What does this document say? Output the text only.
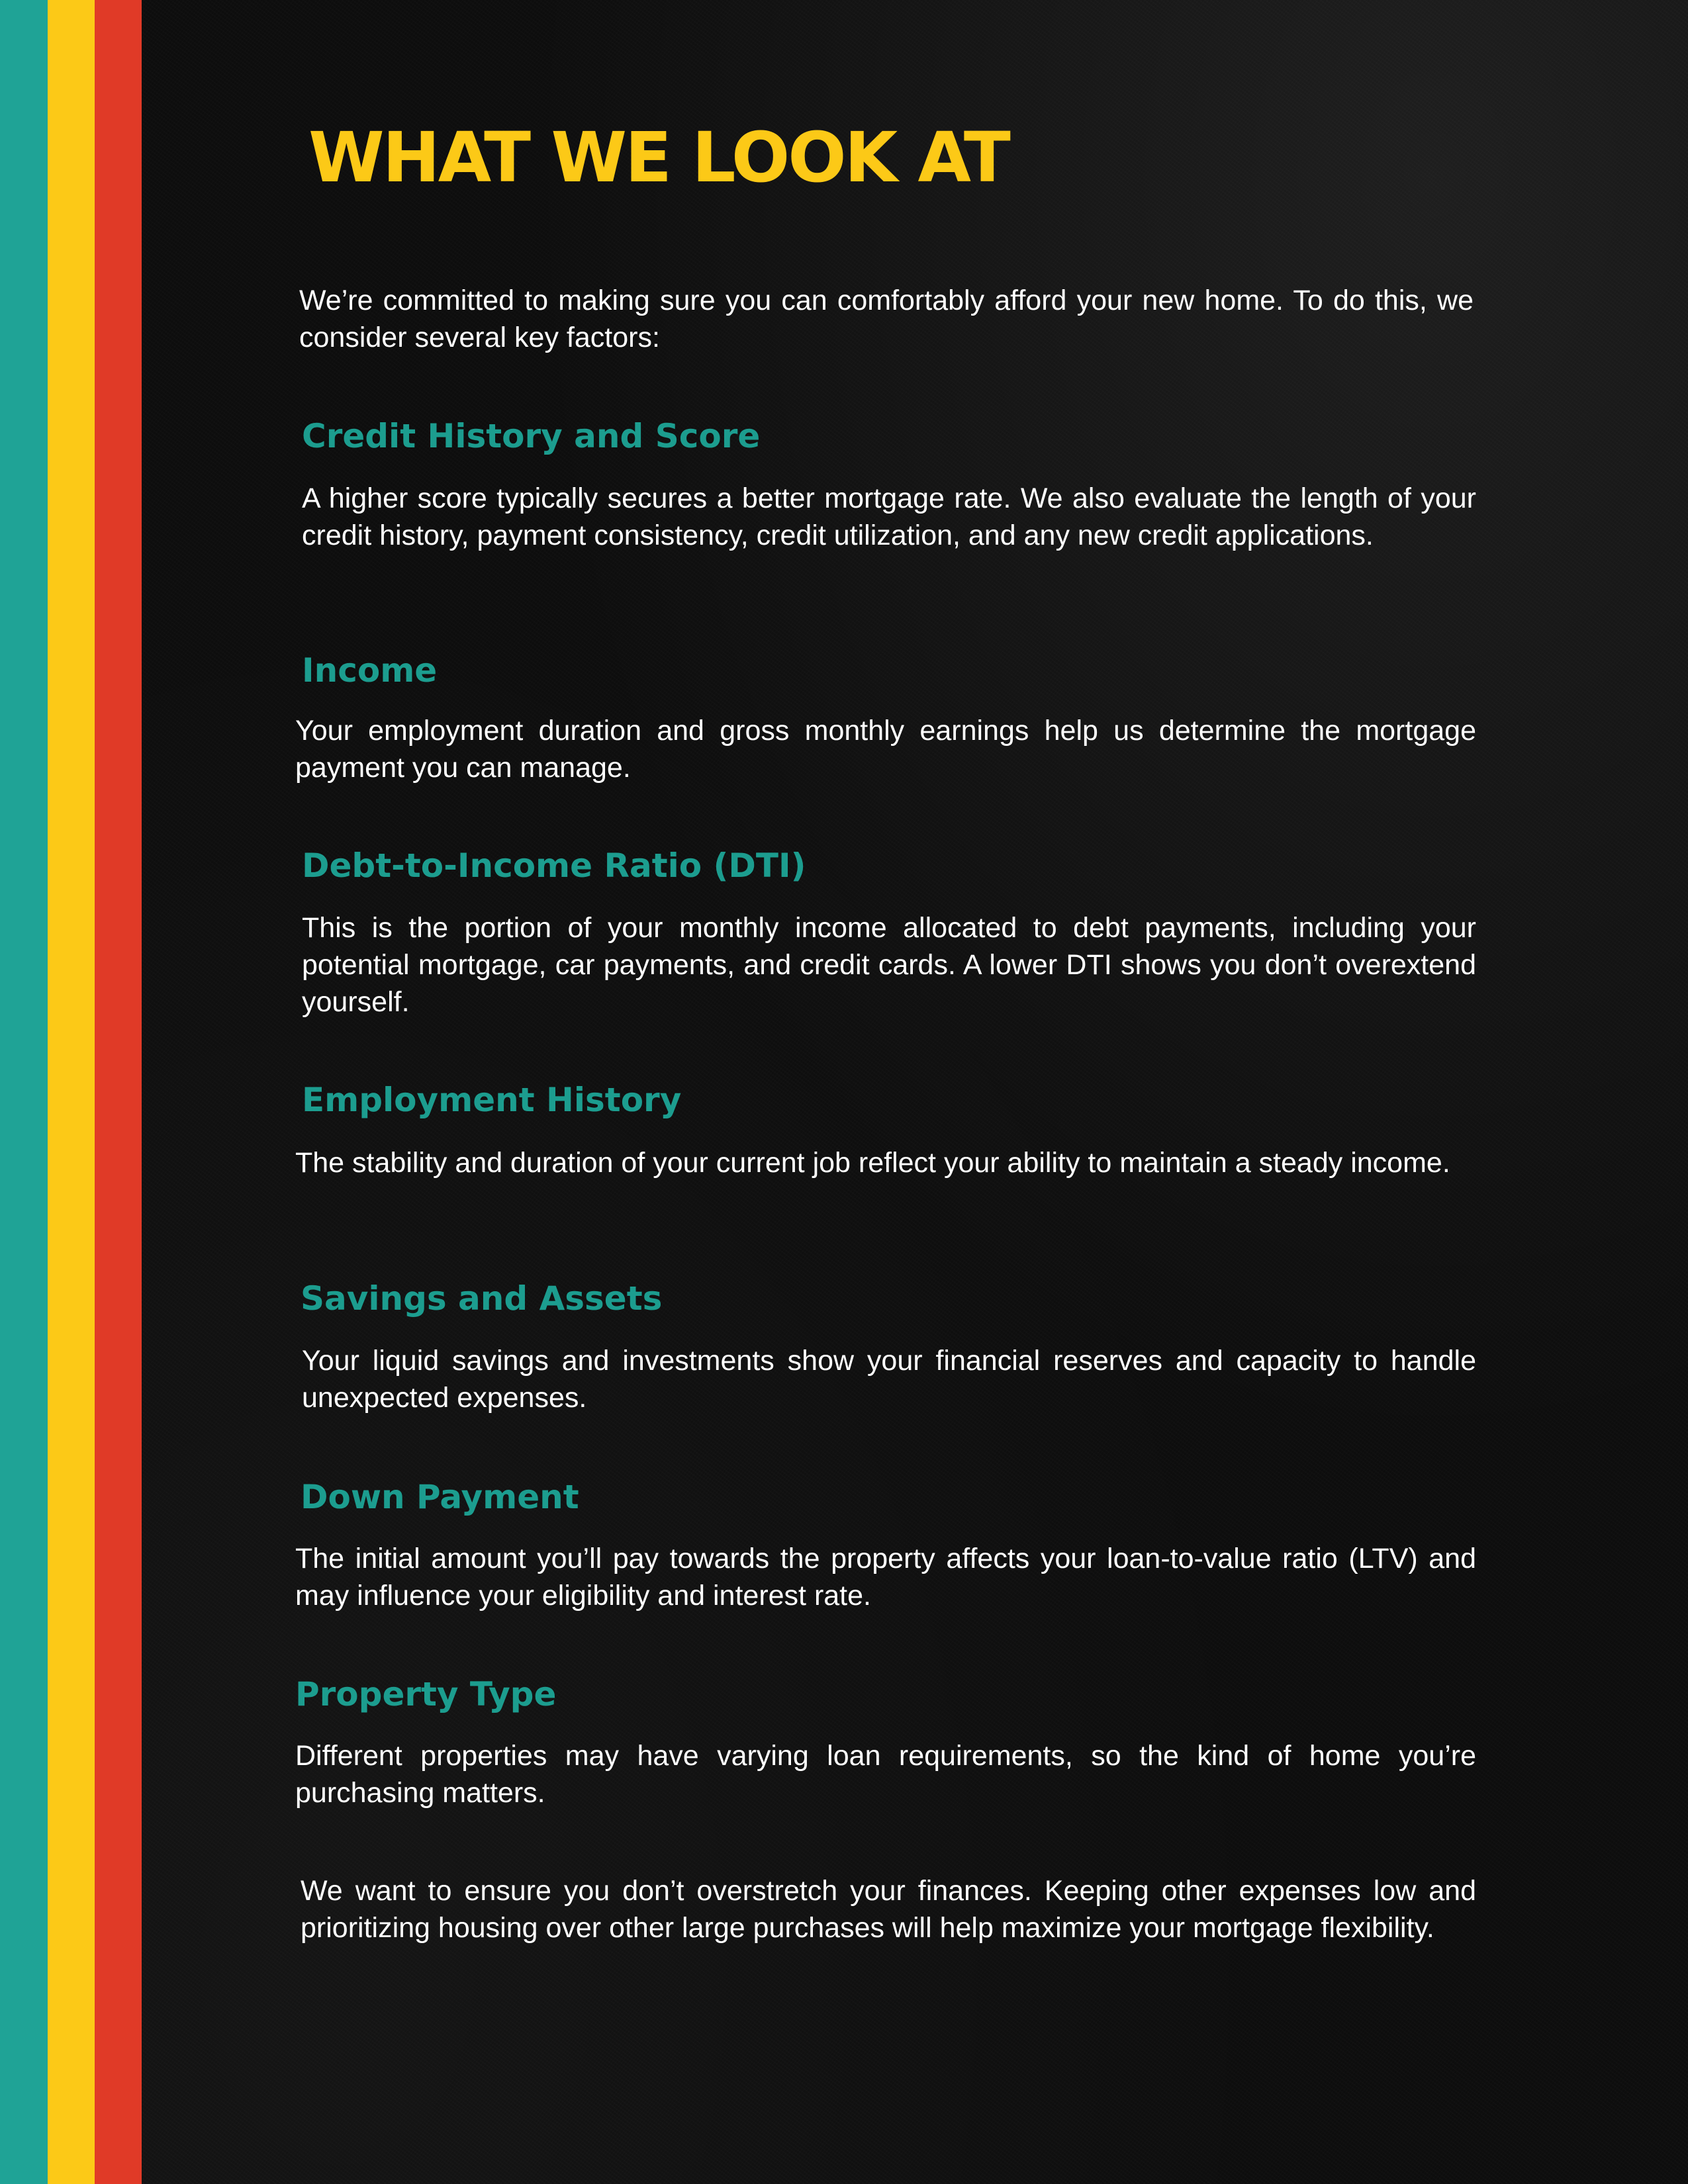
WHAT WE LOOK AT

We’re committed to making sure you can comfortably afford your new home. To do this, we consider several key factors:

Credit History and Score

A higher score typically secures a better mortgage rate. We also evaluate the length of your credit history, payment consistency, credit utilization, and any new credit applications.

Income

Your employment duration and gross monthly earnings help us determine the mortgage payment you can manage.

Debt-to-Income Ratio (DTI)

This is the portion of your monthly income allocated to debt payments, including your potential mortgage, car payments, and credit cards. A lower DTI shows you don’t overextend yourself.

Employment History

The stability and duration of your current job reflect your ability to maintain a steady income.

Savings and Assets

Your liquid savings and investments show your financial reserves and capacity to handle unexpected expenses.

Down Payment

The initial amount you’ll pay towards the property affects your loan-to-value ratio (LTV) and may influence your eligibility and interest rate.

Property Type

Different properties may have varying loan requirements, so the kind of home you’re purchasing matters.

We want to ensure you don’t overstretch your finances. Keeping other expenses low and prioritizing housing over other large purchases will help maximize your mortgage flexibility.
